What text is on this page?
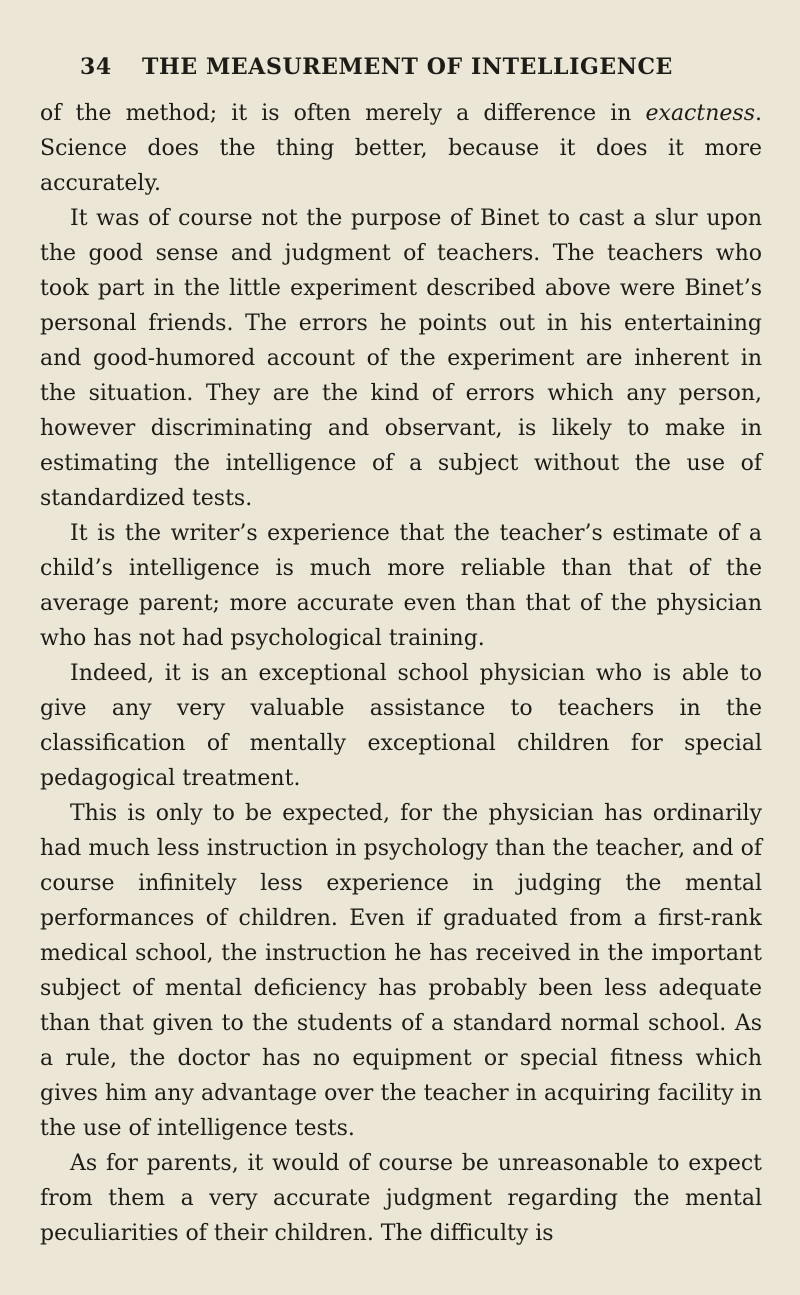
34	THE MEASUREMENT OF INTELLIGENCE

of the method; it is often merely a difference in exactness. Science does the thing better, because it does it more accurately.

It was of course not the purpose of Binet to cast a slur upon the good sense and judgment of teachers. The teachers who took part in the little experiment described above were Binet’s personal friends. The errors he points out in his entertaining and good-humored account of the experiment are inherent in the situation. They are the kind of errors which any person, however discriminating and observant, is likely to make in estimating the intelligence of a subject without the use of standardized tests.

It is the writer’s experience that the teacher’s estimate of a child’s intelligence is much more reliable than that of the average parent; more accurate even than that of the physician who has not had psychological training.

Indeed, it is an exceptional school physician who is able to give any very valuable assistance to teachers in the classification of mentally exceptional children for special pedagogical treatment.

This is only to be expected, for the physician has ordinarily had much less instruction in psychology than the teacher, and of course infinitely less experience in judging the mental performances of children. Even if graduated from a first-rank medical school, the instruction he has received in the important subject of mental deficiency has probably been less adequate than that given to the students of a standard normal school. As a rule, the doctor has no equipment or special fitness which gives him any advantage over the teacher in acquiring facility in the use of intelligence tests.

As for parents, it would of course be unreasonable to expect from them a very accurate judgment regarding the mental peculiarities of their children. The difficulty is
